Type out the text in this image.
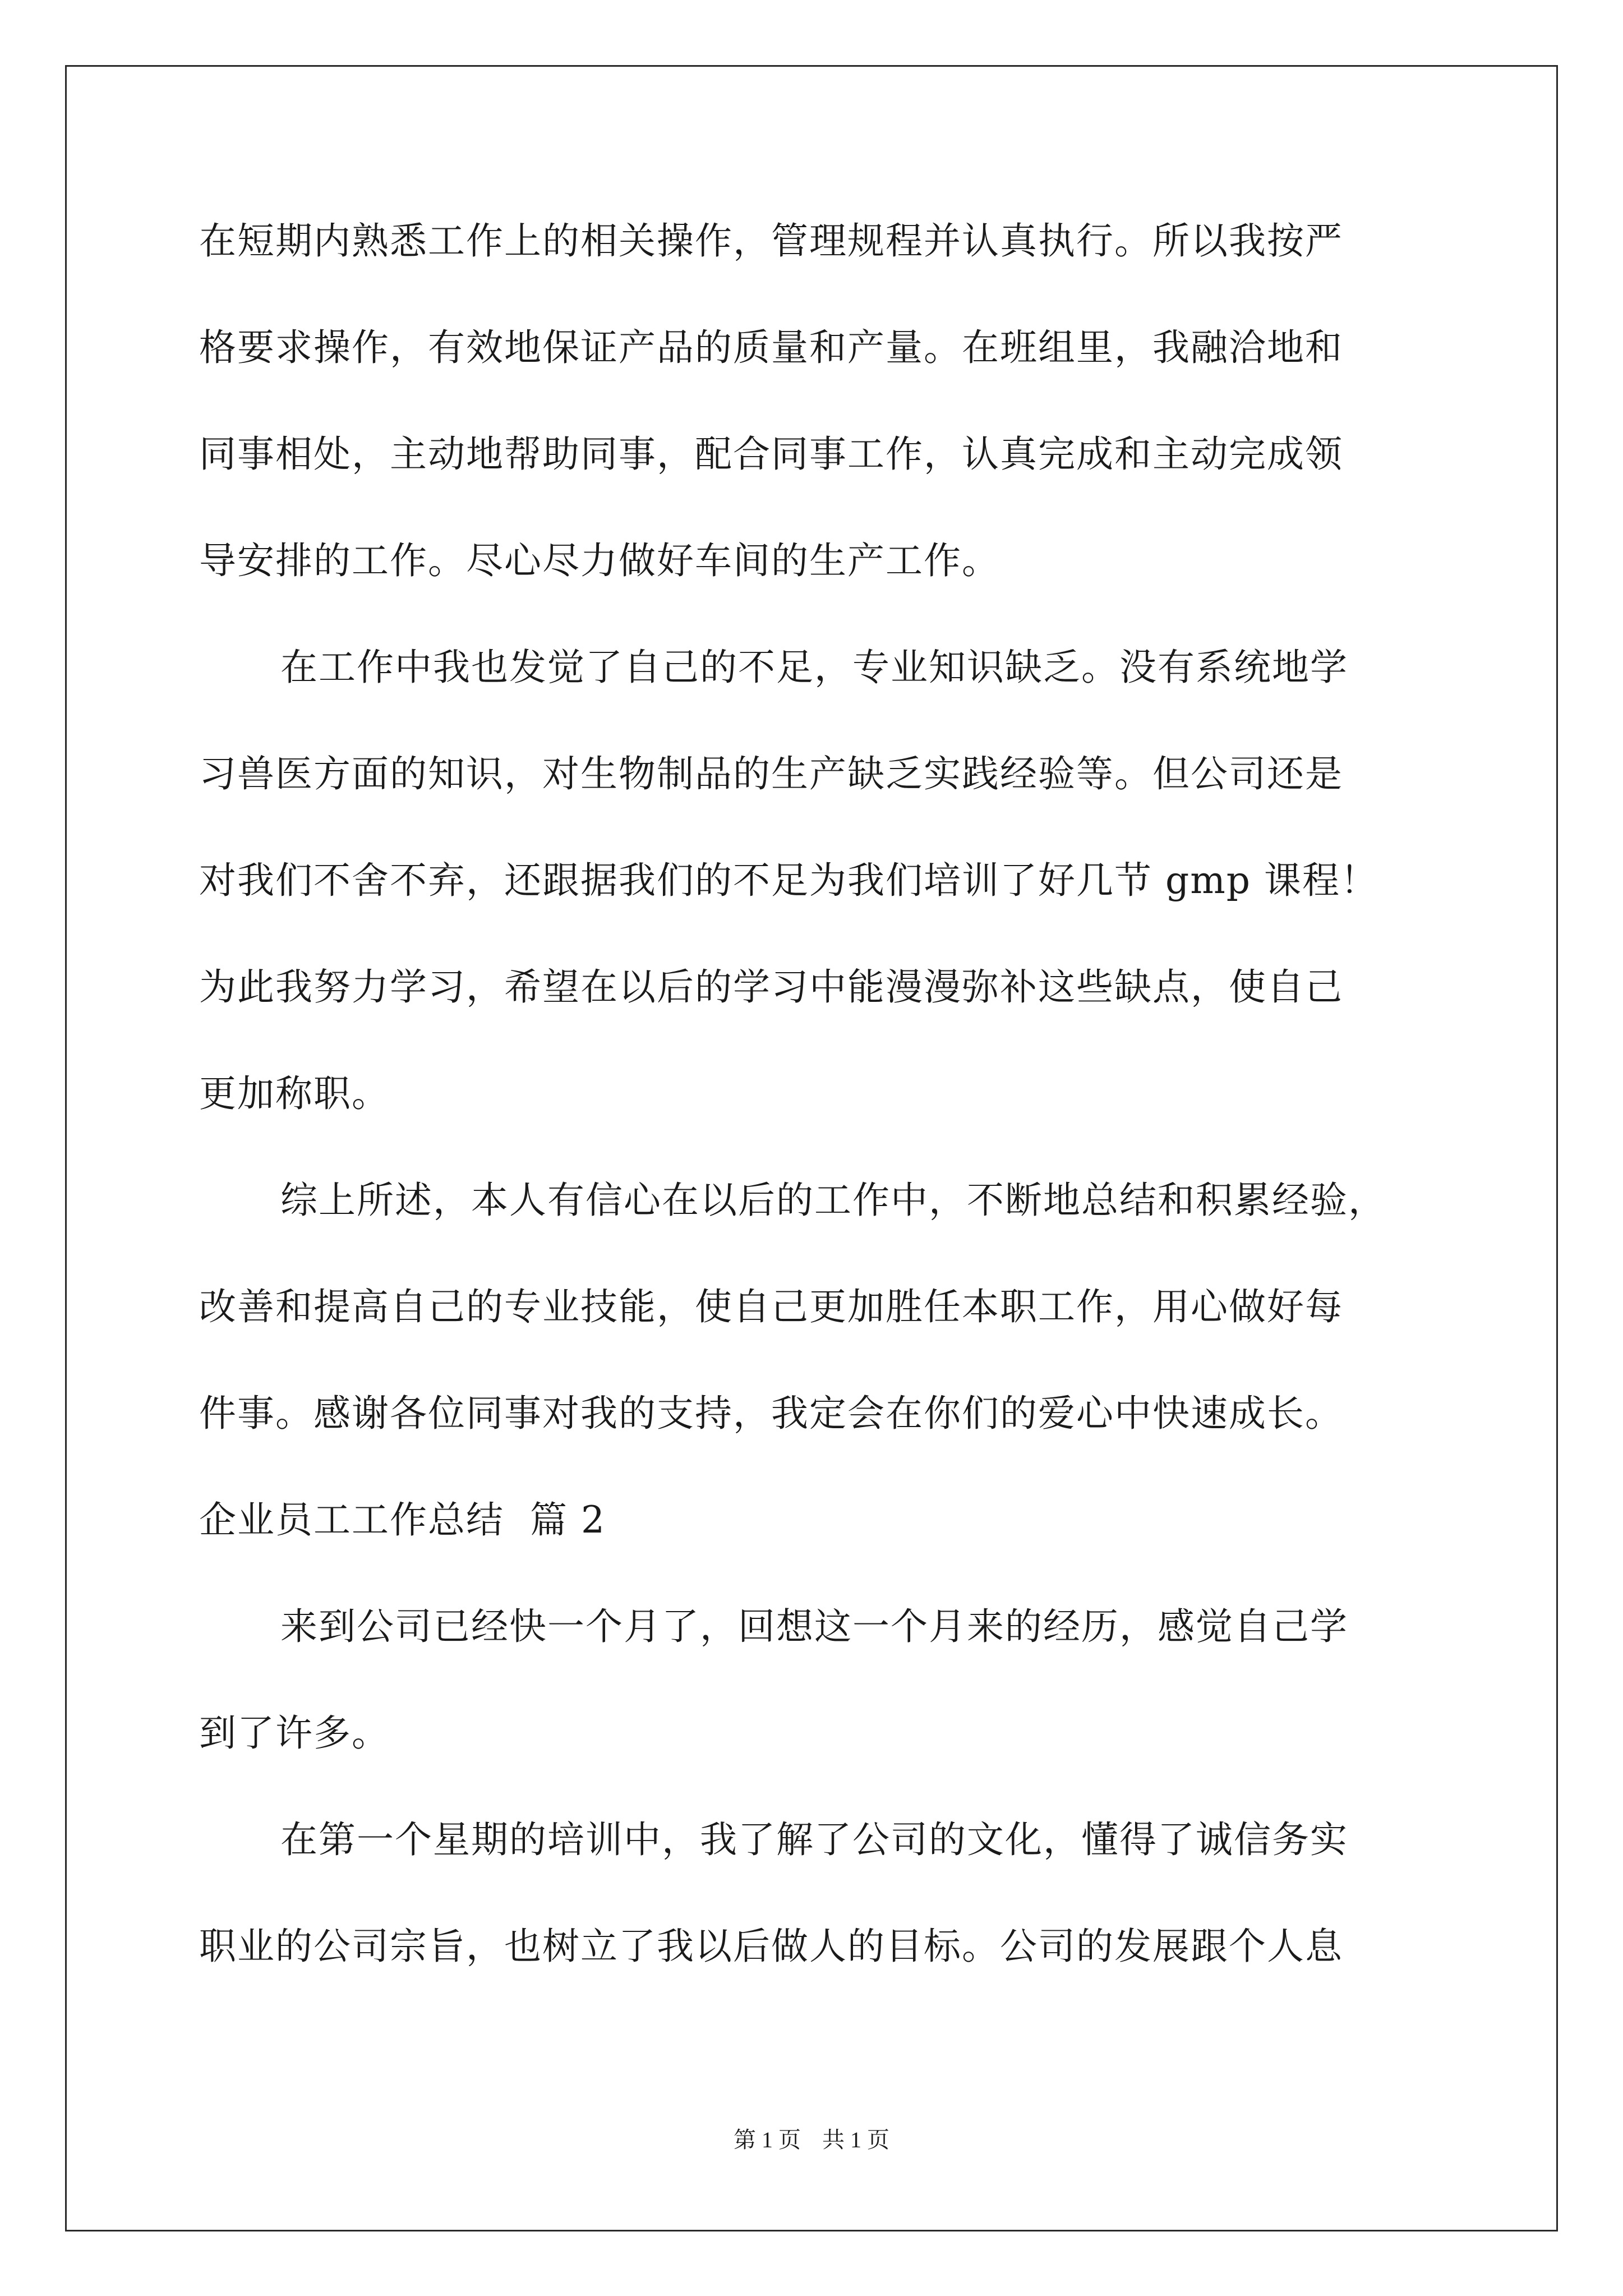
在短期内熟悉工作上的相关操作，管理规程并认真执行。所以我按严
格要求操作，有效地保证产品的质量和产量。在班组里，我融洽地和
同事相处，主动地帮助同事，配合同事工作，认真完成和主动完成领
导安排的工作。尽心尽力做好车间的生产工作。
在工作中我也发觉了自己的不足，专业知识缺乏。没有系统地学
习兽医方面的知识，对生物制品的生产缺乏实践经验等。但公司还是
对我们不舍不弃，还跟据我们的不足为我们培训了好几节 gmp 课程！
为此我努力学习，希望在以后的学习中能漫漫弥补这些缺点，使自己
更加称职。
综上所述，本人有信心在以后的工作中，不断地总结和积累经验，
改善和提高自己的专业技能，使自己更加胜任本职工作，用心做好每
件事。感谢各位同事对我的支持，我定会在你们的爱心中快速成长。
企业员工工作总结  篇 2
来到公司已经快一个月了，回想这一个月来的经历，感觉自己学
到了许多。
在第一个星期的培训中，我了解了公司的文化，懂得了诚信务实
职业的公司宗旨，也树立了我以后做人的目标。公司的发展跟个人息
第 1 页 共 1 页
